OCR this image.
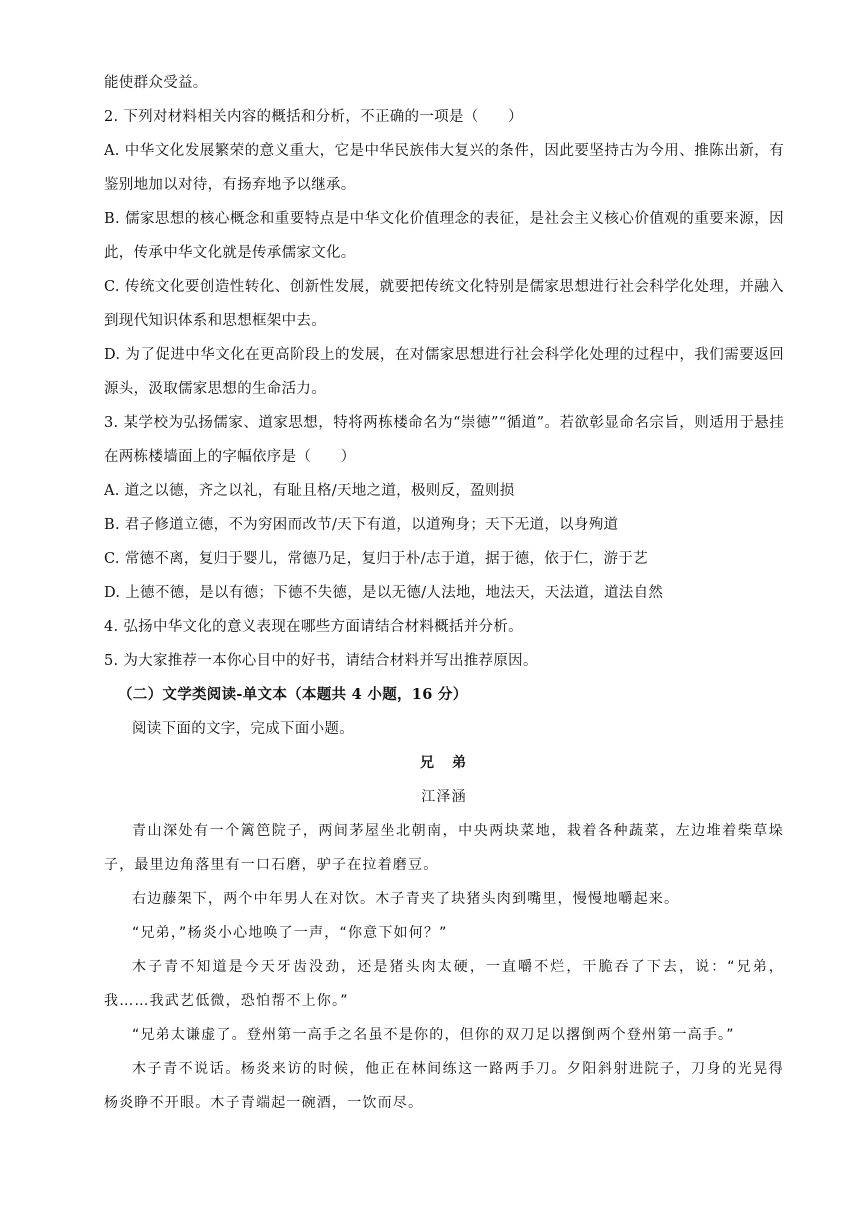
能使群众受益。

2. 下列对材料相关内容的概括和分析，不正确的一项是（　　）

A. 中华文化发展繁荣的意义重大，它是中华民族伟大复兴的条件，因此要坚持古为今用、推陈出新，有鉴别地加以对待，有扬弃地予以继承。

B. 儒家思想的核心概念和重要特点是中华文化价值理念的表征，是社会主义核心价值观的重要来源，因此，传承中华文化就是传承儒家文化。

C. 传统文化要创造性转化、创新性发展，就要把传统文化特别是儒家思想进行社会科学化处理，并融入到现代知识体系和思想框架中去。

D. 为了促进中华文化在更高阶段上的发展，在对儒家思想进行社会科学化处理的过程中，我们需要返回源头，汲取儒家思想的生命活力。

3. 某学校为弘扬儒家、道家思想，特将两栋楼命名为“崇德”“循道”。若欲彰显命名宗旨，则适用于悬挂在两栋楼墙面上的字幅依序是（　　）

A. 道之以德，齐之以礼，有耻且格/天地之道，极则反，盈则损

B. 君子修道立德，不为穷困而改节/天下有道，以道殉身；天下无道，以身殉道

C. 常德不离，复归于婴儿，常德乃足，复归于朴/志于道，据于德，依于仁，游于艺

D. 上德不德，是以有德；下德不失德，是以无德/人法地，地法天，天法道，道法自然

4. 弘扬中华文化的意义表现在哪些方面请结合材料概括并分析。

5. 为大家推荐一本你心目中的好书，请结合材料并写出推荐原因。

（二）文学类阅读-单文本（本题共 4 小题，16 分）

阅读下面的文字，完成下面小题。

兄　弟

江泽涵

青山深处有一个篱笆院子，两间茅屋坐北朝南，中央两块菜地，栽着各种蔬菜，左边堆着柴草垛子，最里边角落里有一口石磨，驴子在拉着磨豆。

右边藤架下，两个中年男人在对饮。木子青夹了块猪头肉到嘴里，慢慢地嚼起来。

“兄弟，”杨炎小心地唤了一声，“你意下如何？”

木子青不知道是今天牙齿没劲，还是猪头肉太硬，一直嚼不烂，干脆吞了下去，说：“兄弟，我……我武艺低微，恐怕帮不上你。”

“兄弟太谦虚了。登州第一高手之名虽不是你的，但你的双刀足以撂倒两个登州第一高手。”

木子青不说话。杨炎来访的时候，他正在林间练这一路两手刀。夕阳斜射进院子，刀身的光晃得杨炎睁不开眼。木子青端起一碗酒，一饮而尽。
